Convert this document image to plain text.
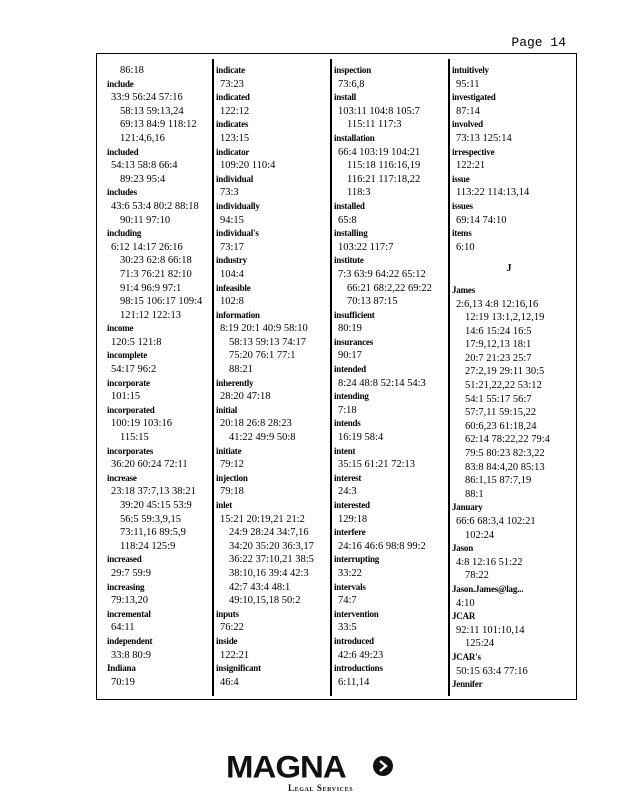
Page 14
86:18
include
33:9 56:24 57:16
58:13 59:13,24
69:13 84:9 118:12
121:4,6,16
included
54:13 58:8 66:4
89:23 95:4
includes
43:6 53:4 80:2 88:18
90:11 97:10
including
6:12 14:17 26:16
30:23 62:8 66:18
71:3 76:21 82:10
91:4 96:9 97:1
98:15 106:17 109:4
121:12 122:13
income
120:5 121:8
incomplete
54:17 96:2
incorporate
101:15
incorporated
100:19 103:16
115:15
incorporates
36:20 60:24 72:11
increase
23:18 37:7,13 38:21
39:20 45:15 53:9
56:5 59:3,9,15
73:11,16 89:5,9
118:24 125:9
increased
29:7 59:9
increasing
79:13,20
incremental
64:11
independent
33:8 80:9
Indiana
70:19
indicate
73:23
indicated
122:12
indicates
123:15
indicator
109:20 110:4
individual
73:3
individually
94:15
individual's
73:17
industry
104:4
infeasible
102:8
information
8:19 20:1 40:9 58:10
58:13 59:13 74:17
75:20 76:1 77:1
88:21
inherently
28:20 47:18
initial
20:18 26:8 28:23
41:22 49:9 50:8
initiate
79:12
injection
79:18
inlet
15:21 20:19,21 21:2
24:9 28:24 34:7,16
34:20 35:20 36:3,17
36:22 37:10,21 38:5
38:10,16 39:4 42:3
42:7 43:4 48:1
49:10,15,18 50:2
inputs
76:22
inside
122:21
insignificant
46:4
inspection
73:6,8
install
103:11 104:8 105:7
115:11 117:3
installation
66:4 103:19 104:21
115:18 116:16,19
116:21 117:18,22
118:3
installed
65:8
installing
103:22 117:7
institute
7:3 63:9 64:22 65:12
66:21 68:2,22 69:22
70:13 87:15
insufficient
80:19
insurances
90:17
intended
8:24 48:8 52:14 54:3
intending
7:18
intends
16:19 58:4
intent
35:15 61:21 72:13
interest
24:3
interested
129:18
interfere
24:16 46:6 98:8 99:2
interrupting
33:22
intervals
74:7
intervention
33:5
introduced
42:6 49:23
introductions
6:11,14
intuitively
95:11
investigated
87:14
involved
73:13 125:14
irrespective
122:21
issue
113:22 114:13,14
issues
69:14 74:10
items
6:10
J
James
2:6,13 4:8 12:16,16
12:19 13:1,2,12,19
14:6 15:24 16:5
17:9,12,13 18:1
20:7 21:23 25:7
27:2,19 29:11 30:5
51:21,22,22 53:12
54:1 55:17 56:7
57:7,11 59:15,22
60:6,23 61:18,24
62:14 78:22,22 79:4
79:5 80:23 82:3,22
83:8 84:4,20 85:13
86:1,15 87:7,19
88:1
January
66:6 68:3,4 102:21
102:24
Jason
4:8 12:16 51:22
78:22
Jason.James@lag...
4:10
JCAR
92:11 101:10,14
125:24
JCAR's
50:15 63:4 77:16
Jennifer
MAGNA
Legal Services
